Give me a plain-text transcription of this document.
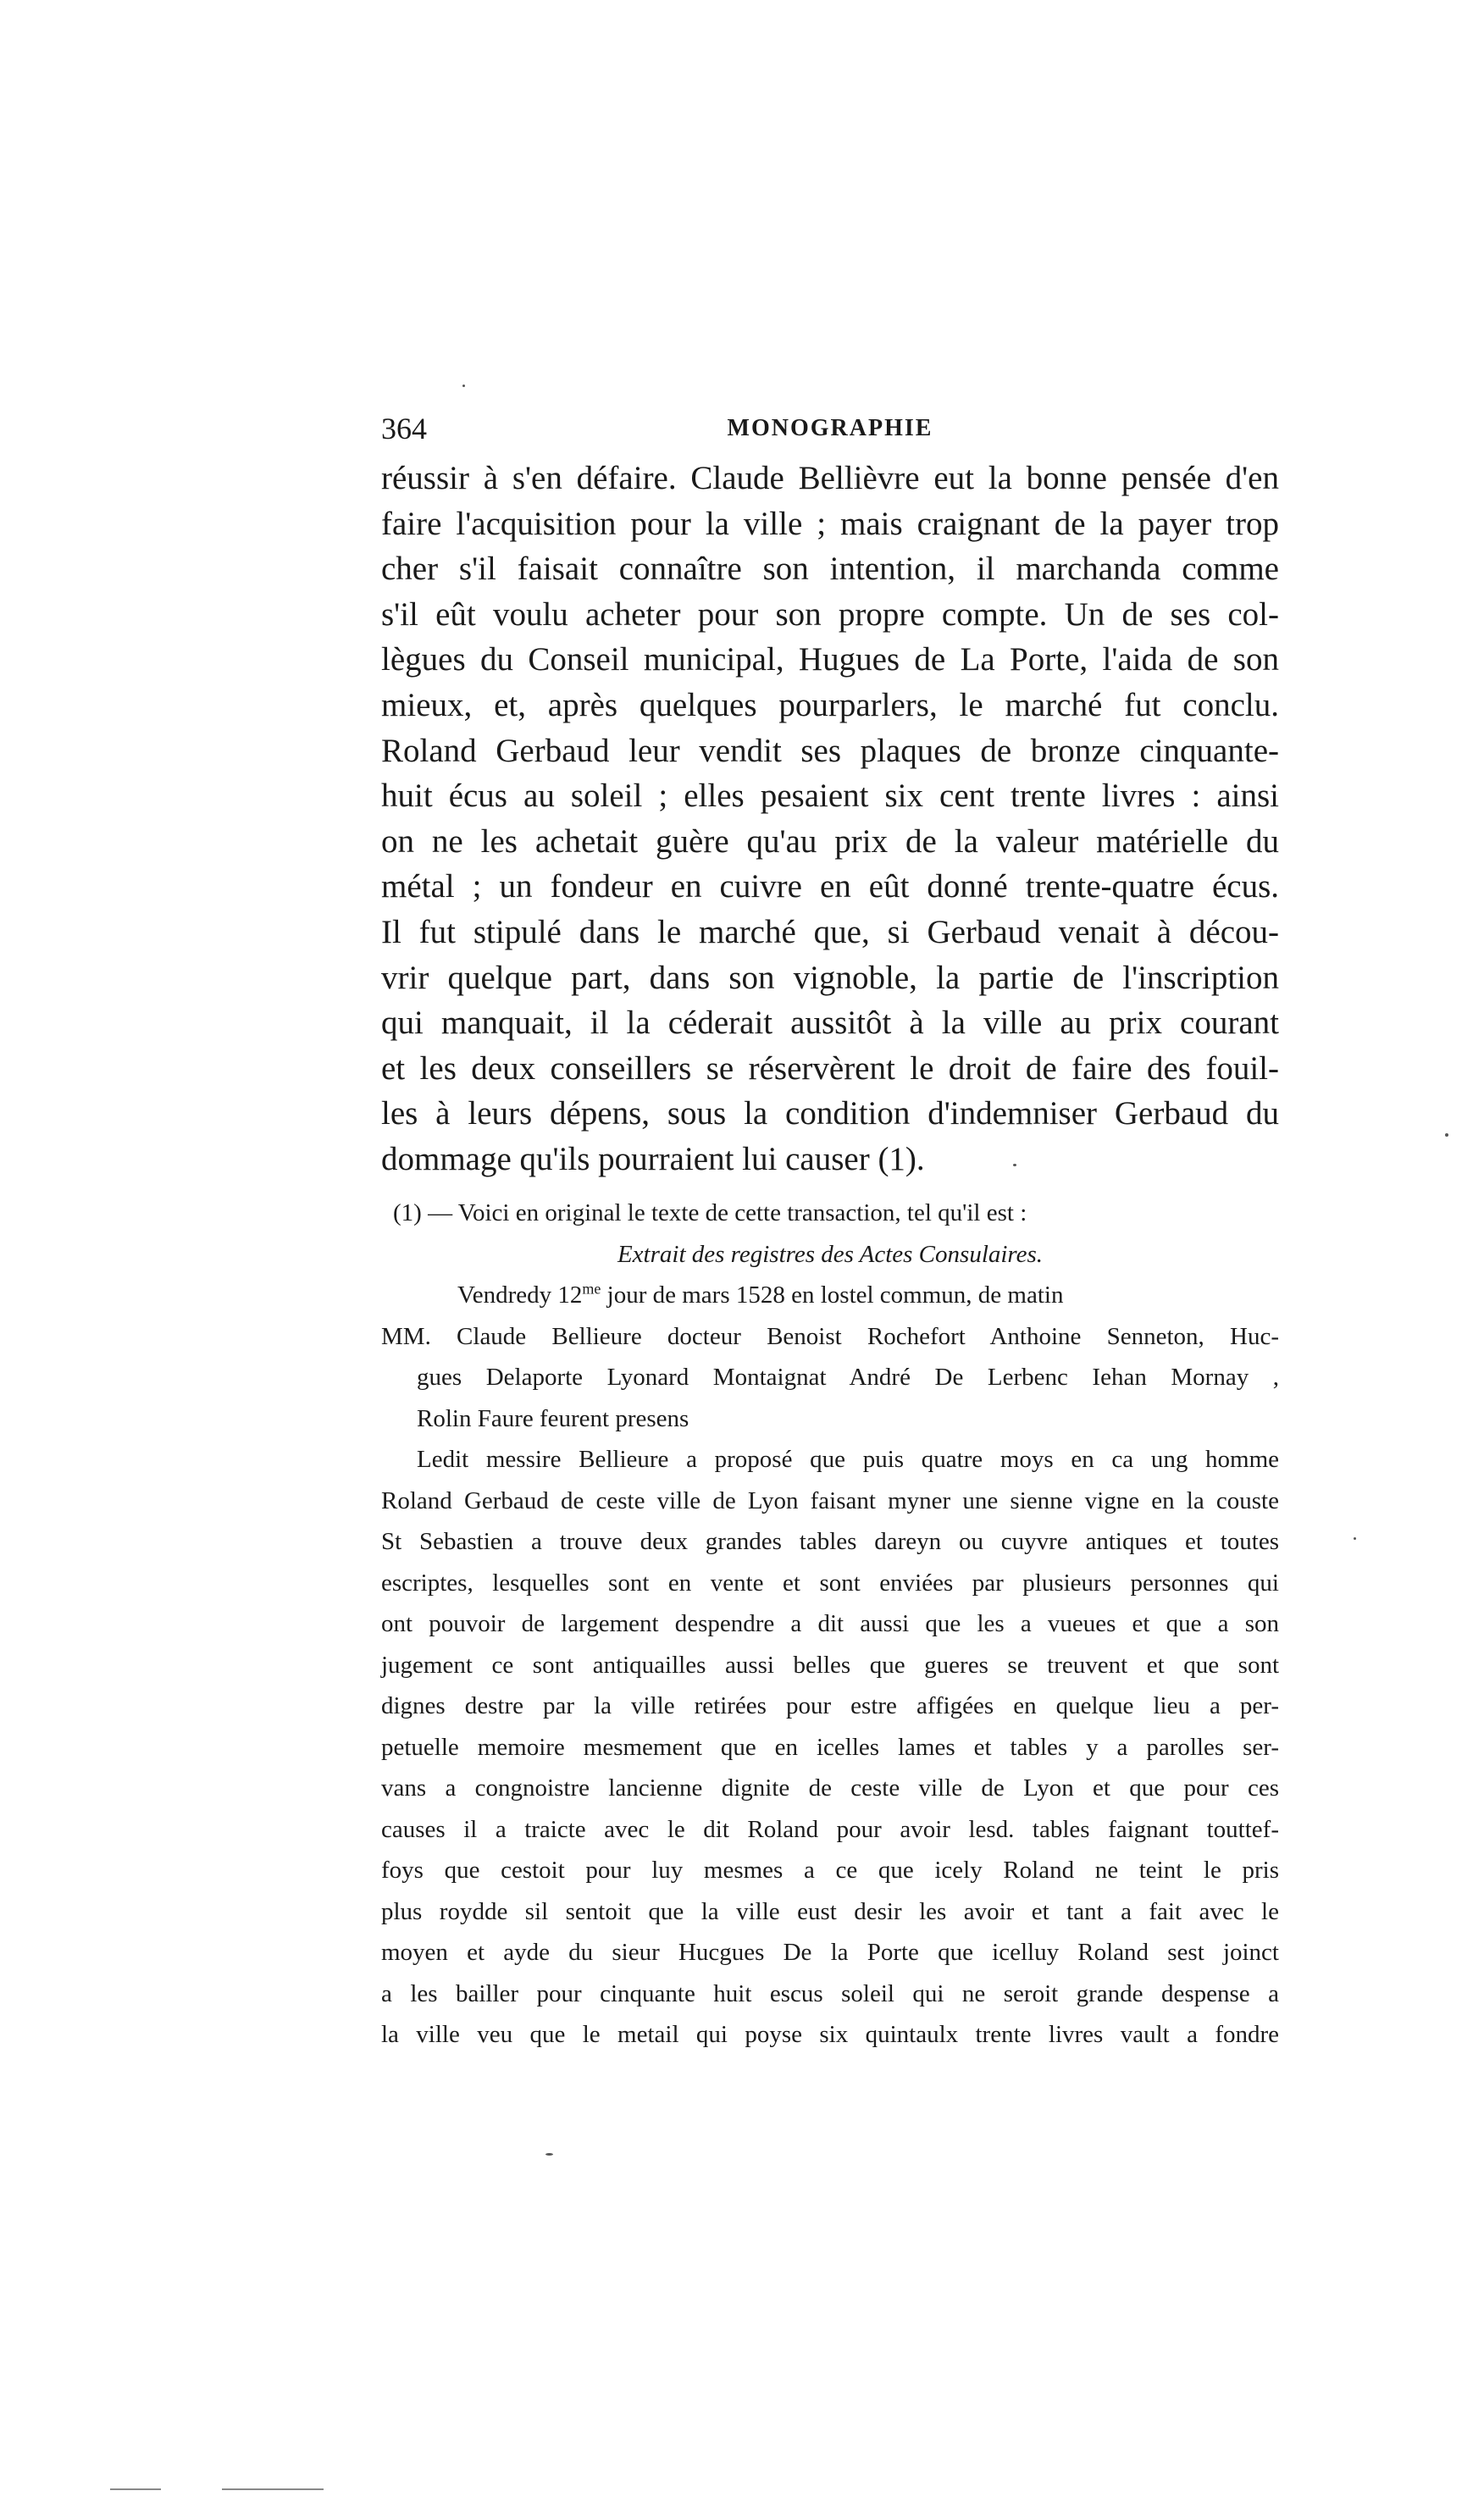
364	MONOGRAPHIE
réussir à s'en défaire. Claude Bellièvre eut la bonne pensée d'en
faire l'acquisition pour la ville ; mais craignant de la payer trop
cher s'il faisait connaître son intention, il marchanda comme
s'il eût voulu acheter pour son propre compte. Un de ses col-
lègues du Conseil municipal, Hugues de La Porte, l'aida de son
mieux, et, après quelques pourparlers, le marché fut conclu.
Roland Gerbaud leur vendit ses plaques de bronze cinquante-
huit écus au soleil ; elles pesaient six cent trente livres : ainsi
on ne les achetait guère qu'au prix de la valeur matérielle du
métal ; un fondeur en cuivre en eût donné trente-quatre écus.
Il fut stipulé dans le marché que, si Gerbaud venait à décou-
vrir quelque part, dans son vignoble, la partie de l'inscription
qui manquait, il la céderait aussitôt à la ville au prix courant
et les deux conseillers se réservèrent le droit de faire des fouil-
les à leurs dépens, sous la condition d'indemniser Gerbaud du
dommage qu'ils pourraient lui causer (1).
(1) — Voici en original le texte de cette transaction, tel qu'il est :
Extrait des registres des Actes Consulaires.
Vendredy $12^{me}$ jour de mars 1528 en lostel commun, de matin
MM. Claude Bellieure docteur Benoist Rochefort Anthoine Senneton, Huc-
gues Delaporte Lyonard Montaignat André De Lerbenc Iehan Mornay ,
Rolin Faure feurent presens
Ledit messire Bellieure a proposé que puis quatre moys en ca ung homme
Roland Gerbaud de ceste ville de Lyon faisant myner une sienne vigne en la couste
St Sebastien a trouve deux grandes tables dareyn ou cuyvre antiques et toutes
escriptes, lesquelles sont en vente et sont enviées par plusieurs personnes qui
ont pouvoir de largement despendre a dit aussi que les a vueues et que a son
jugement ce sont antiquailles aussi belles que gueres se treuvent et que sont
dignes destre par la ville retirées pour estre affigées en quelque lieu a per-
petuelle memoire mesmement que en icelles lames et tables y a parolles ser-
vans a congnoistre lancienne dignite de ceste ville de Lyon et que pour ces
causes il a traicte avec le dit Roland pour avoir lesd. tables faignant touttef-
foys que cestoit pour luy mesmes a ce que icely Roland ne teint le pris
plus roydde sil sentoit que la ville eust desir les avoir et tant a fait avec le
moyen et ayde du sieur Hucgues De la Porte que icelluy Roland sest joinct
a les bailler pour cinquante huit escus soleil qui ne seroit grande despense a
la ville veu que le metail qui poyse six quintaulx trente livres vault a fondre
